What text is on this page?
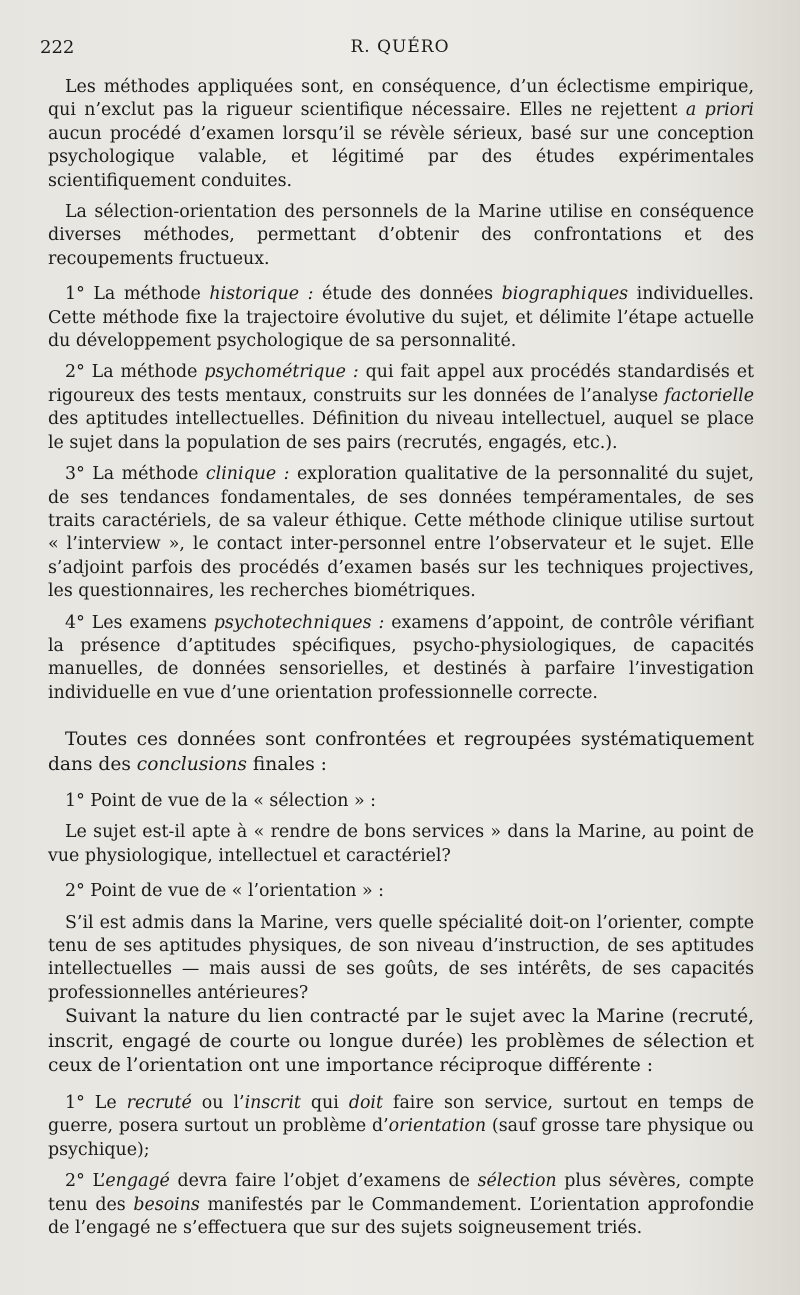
222	R. QUÉRO

Les méthodes appliquées sont, en conséquence, d’un éclectisme empirique, qui n’exclut pas la rigueur scientifique nécessaire. Elles ne rejettent a priori aucun procédé d’examen lorsqu’il se révèle sérieux, basé sur une conception psychologique valable, et légitimé par des études expérimentales scientifiquement conduites.

La sélection-orientation des personnels de la Marine utilise en conséquence diverses méthodes, permettant d’obtenir des confrontations et des recoupements fructueux.

1° La méthode historique : étude des données biographiques individuelles. Cette méthode fixe la trajectoire évolutive du sujet, et délimite l’étape actuelle du développement psychologique de sa personnalité.

2° La méthode psychométrique : qui fait appel aux procédés standardisés et rigoureux des tests mentaux, construits sur les données de l’analyse factorielle des aptitudes intellectuelles. Définition du niveau intellectuel, auquel se place le sujet dans la population de ses pairs (recrutés, engagés, etc.).

3° La méthode clinique : exploration qualitative de la personnalité du sujet, de ses tendances fondamentales, de ses données tempéramentales, de ses traits caractériels, de sa valeur éthique. Cette méthode clinique utilise surtout « l’interview », le contact inter-personnel entre l’observateur et le sujet. Elle s’adjoint parfois des procédés d’examen basés sur les techniques projectives, les questionnaires, les recherches biométriques.

4° Les examens psychotechniques : examens d’appoint, de contrôle vérifiant la présence d’aptitudes spécifiques, psycho-physiologiques, de capacités manuelles, de données sensorielles, et destinés à parfaire l’investigation individuelle en vue d’une orientation professionnelle correcte.

Toutes ces données sont confrontées et regroupées systématiquement dans des conclusions finales :

1° Point de vue de la « sélection » :

Le sujet est-il apte à « rendre de bons services » dans la Marine, au point de vue physiologique, intellectuel et caractériel?

2° Point de vue de « l’orientation » :

S’il est admis dans la Marine, vers quelle spécialité doit-on l’orienter, compte tenu de ses aptitudes physiques, de son niveau d’instruction, de ses aptitudes intellectuelles — mais aussi de ses goûts, de ses intérêts, de ses capacités professionnelles antérieures?

Suivant la nature du lien contracté par le sujet avec la Marine (recruté, inscrit, engagé de courte ou longue durée) les problèmes de sélection et ceux de l’orientation ont une importance réciproque différente :

1° Le recruté ou l’inscrit qui doit faire son service, surtout en temps de guerre, posera surtout un problème d’orientation (sauf grosse tare physique ou psychique);

2° L’engagé devra faire l’objet d’examens de sélection plus sévères, compte tenu des besoins manifestés par le Commandement. L’orientation approfondie de l’engagé ne s’effectuera que sur des sujets soigneusement triés.
